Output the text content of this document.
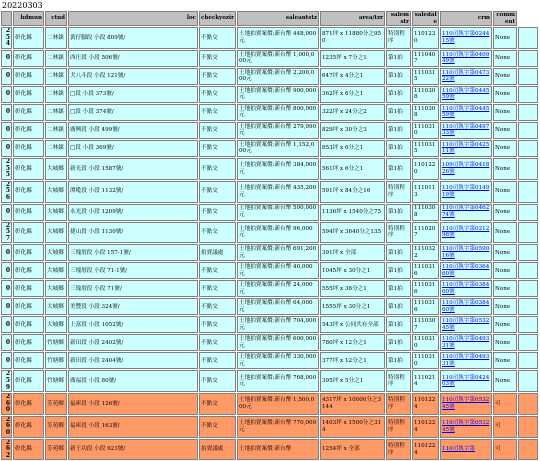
20220303
	hdmun	ctnd	loc	checkyozir	saleantstz	area/tzr	salemstr	saledate	crm	comment	
254	彰化縣	二林鎮	黃仔腳段 小段 809號/	不點交	土地拍賣案價:新台幣 448,000元	871坪 x 11880分之950	特別程序	1101230	110司執字第024415號	None	
0	彰化縣	二林鎮	西庄段 小段 506號/	不點交	土地拍賣案價:新台幣 1,000,000元	1235坪 x 7分之1	第1拍	1110407	110司執字第040949號	None	
0	彰化縣	二林鎮	犬八斗段 小段 121號/	不點交	土地拍賣案價:新台幣 2,200,000元	647坪 x 4分之1	第1拍	1110315	110司執字第047322號	None	
0	彰化縣	二林鎮	□段 小段 373號/	不點交	土地拍賣案價:新台幣 900,000元	362坪 x 6分之1	第1拍	1110308	110司執字第044559號	None	
0	彰化縣	二林鎮	□段 小段 374號/	不點交	土地拍賣案價:新台幣 800,000元	322坪 x 24分之2	第1拍	1110308	110司執字第044559號	None	
0	彰化縣	二林鎮	廣興段 小段 499號/	不點交	土地拍賣案價:新台幣 279,990元	829坪 x 30分之3	第1拍	1110310	110司執字第049733號	None	
0	彰化縣	二林鎮	□段 小段 369號/	不點交	土地拍賣案價:新台幣 1,152,000元	853坪 x 6分之1	第1拍	1110315	110司執字第042511號	None	
255	彰化縣	大城鄉	新光段 小段 1587號/	不點交	土地拍賣案價:新台幣 384,000元	561坪 x 6分之1	第1拍	1101220	109司執字第041826號	None	
256	彰化縣	大城鄉	潭墘段 小段 1132號/	不點交	土地拍賣案價:新台幣 435,200元	591坪 x 84分之16	特別程序	1110113	110司執字第014919號	None	
0	彰化縣	大城鄉	永光段 小段 1209號/	不點交	土地拍賣案價:新台幣 500,000元	1136坪 x 1540分之75	第1拍	1110308	110司執字第046274號	None	
257	彰化縣	大城鄉	捷山段 小段 1130號/	不點交	土地拍賣案價:新台幣 96,000元	594坪 x 3640分之135	特別程序	1110207	110司執字第021298號	None	
0	彰化縣	大城鄉	三塊厝段 小段 157-1號/	拍賣議處	土地拍賣案價:新台幣 691,200元	391坪 x 全部	第1拍	1110322	110司執字第059016號	None	
0	彰化縣	大城鄉	三塊厝段 小段 71-1號/	不點交	土地拍賣案價:新台幣 40,000元	1045坪 x 30分之1	第1拍	1110316	110司執字第036460號	None	
0	彰化縣	大城鄉	三塊厝段 小段 71號/	不點交	土地拍賣案價:新台幣 24,000元	555坪 x 36分之1	第1拍	1110316	110司執字第038460號	None	
0	彰化縣	大城鄉	美豐段 小段 324號/	不點交	土地拍賣案價:新台幣 64,000元	1555坪 x 30分之1	第1拍	1110316	110司執字第038460號	None	
0	彰化縣	大城鄉	上富段 小段 1052號/	不點交	土地拍賣案價:新台幣 704,000元	543坪 x 公同共有全部	第1拍	1110307	110司執字第053245號	None	
0	彰化縣	竹塘鄉	新田段 小段 2402號/	不點交	土地拍賣案價:新台幣 600,000元	780坪 x 12分之1	第1拍	1110310	110司執字第049331號	None	
0	彰化縣	竹塘鄉	新田段 小段 2404號/	不點交	土地拍賣案價:新台幣 330,000元	377坪 x 12分之1	第1拍	1110310	110司執字第049331號	None	
259	彰化縣	竹塘鄉	廣福段 小段 80號/	不點交	土地拍賣案價:新台幣 768,000元	395坪 x 5分之1	特別程序	1110214	110司執字第042403號	None	
260	彰化縣	芳苑鄉	福庫段 小段 126號/	不點交	土地拍賣案價:新台幣 1,500,000元	4317坪 x 10000分之3144	特別程序	1101224	110司執字第053245號	可	
260	彰化縣	芳苑鄉	福庫段 小段 163號/	不點交	土地拍賣案價:新台幣 770,000元	1403坪 x 1500分之314	特別程序	1101224	110司執字第053245號	可	
262	彰化縣	芳苑鄉	新王功段 小段 923號/	拍賣議處	土地拍賣案價:新台幣	1254坪 x 全部	特別程序	1101224	110司執字第	可	
